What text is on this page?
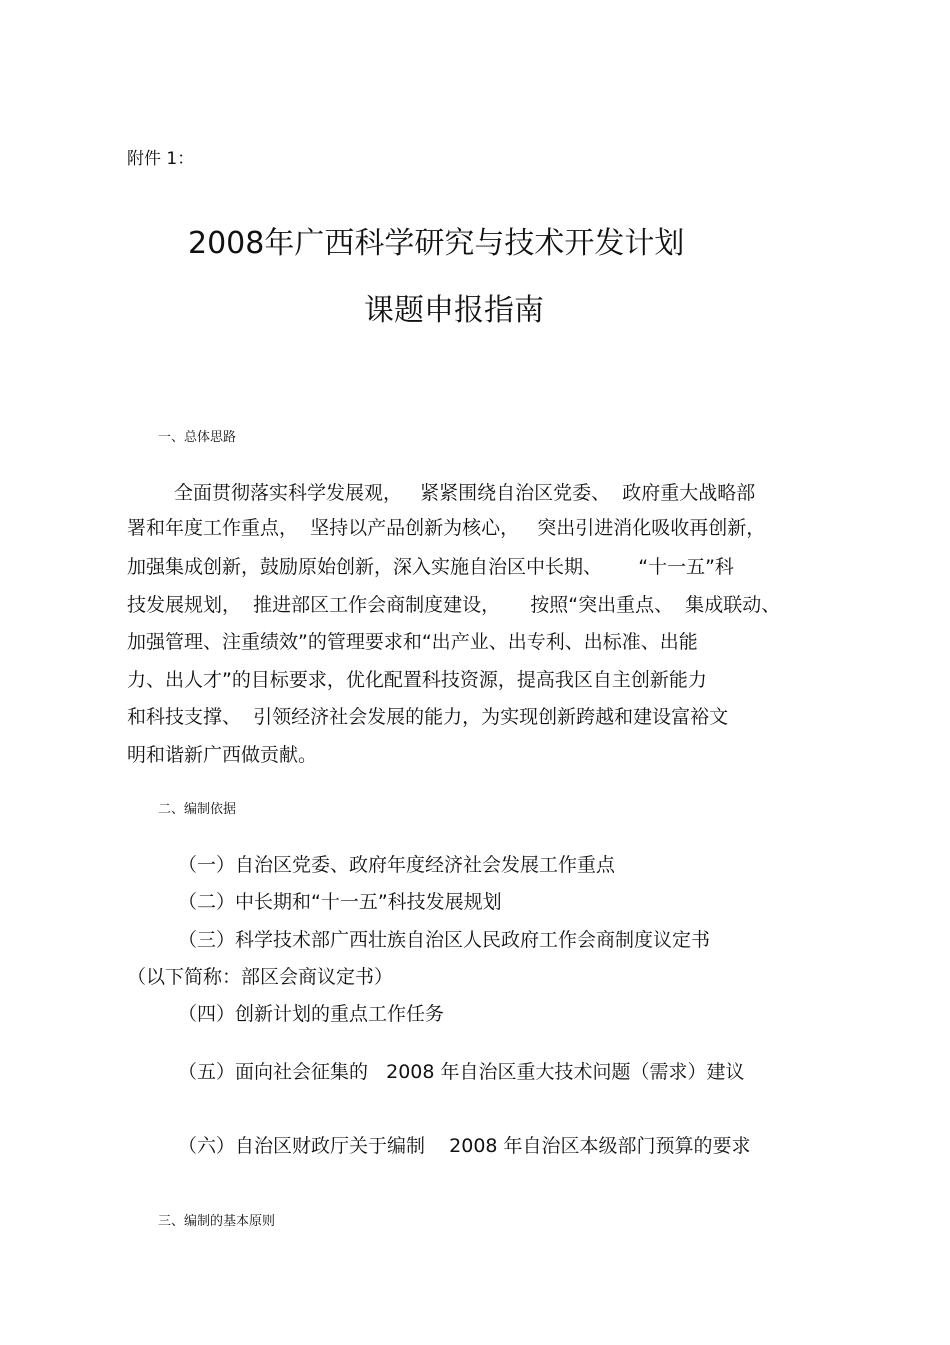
附件 1：
2008年广西科学研究与技术开发计划
课题申报指南
一、总体思路
全面贯彻落实科学发展观，   紧紧围绕自治区党委、  政府重大战略部
署和年度工作重点，  坚持以产品创新为核心，   突出引进消化吸收再创新，
加强集成创新，鼓励原始创新，深入实施自治区中长期、      “十一五”科
技发展规划，  推进部区工作会商制度建设，     按照“突出重点、  集成联动、
加强管理、注重绩效”的管理要求和“出产业、出专利、出标准、出能
力、出人才”的目标要求，优化配置科技资源，提高我区自主创新能力
和科技支撑、  引领经济社会发展的能力，为实现创新跨越和建设富裕文
明和谐新广西做贡献。
二、编制依据
（一）自治区党委、政府年度经济社会发展工作重点
（二）中长期和“十一五”科技发展规划
（三）科学技术部广西壮族自治区人民政府工作会商制度议定书
（以下简称：部区会商议定书）
（四）创新计划的重点工作任务
（五）面向社会征集的   2008 年自治区重大技术问题（需求）建议
（六）自治区财政厅关于编制    2008 年自治区本级部门预算的要求
三、编制的基本原则
